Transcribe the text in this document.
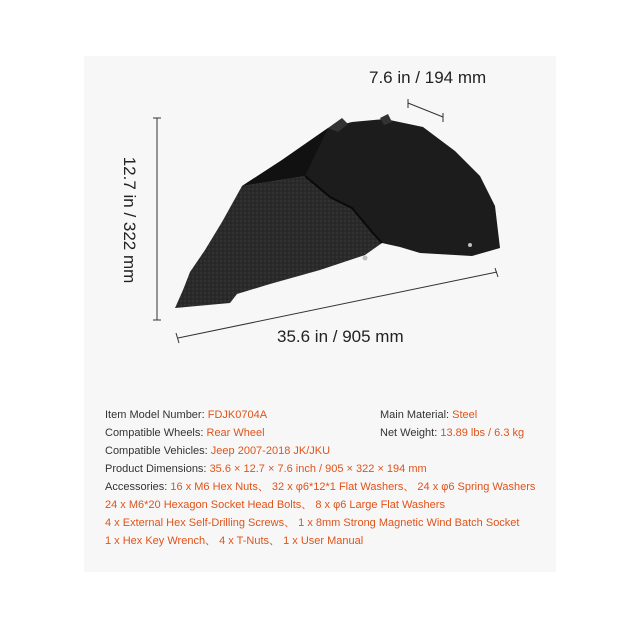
7.6 in / 194 mm
12.7 in / 322 mm
35.6 in / 905 mm
Item Model Number: FDJK0704A	Main Material: Steel
Compatible Wheels: Rear Wheel	Net Weight: 13.89 lbs / 6.3 kg
Compatible Vehicles: Jeep 2007-2018 JK/JKU
Product Dimensions: 35.6 × 12.7 × 7.6 inch / 905 × 322 × 194 mm
Accessories: 16 x M6 Hex Nuts、 32 x φ6*12*1 Flat Washers、 24 x φ6 Spring Washers
24 x M6*20 Hexagon Socket Head Bolts、 8 x φ6 Large Flat Washers
4 x External Hex Self-Drilling Screws、 1 x 8mm Strong Magnetic Wind Batch Socket
1 x Hex Key Wrench、 4 x T-Nuts、 1 x User Manual
